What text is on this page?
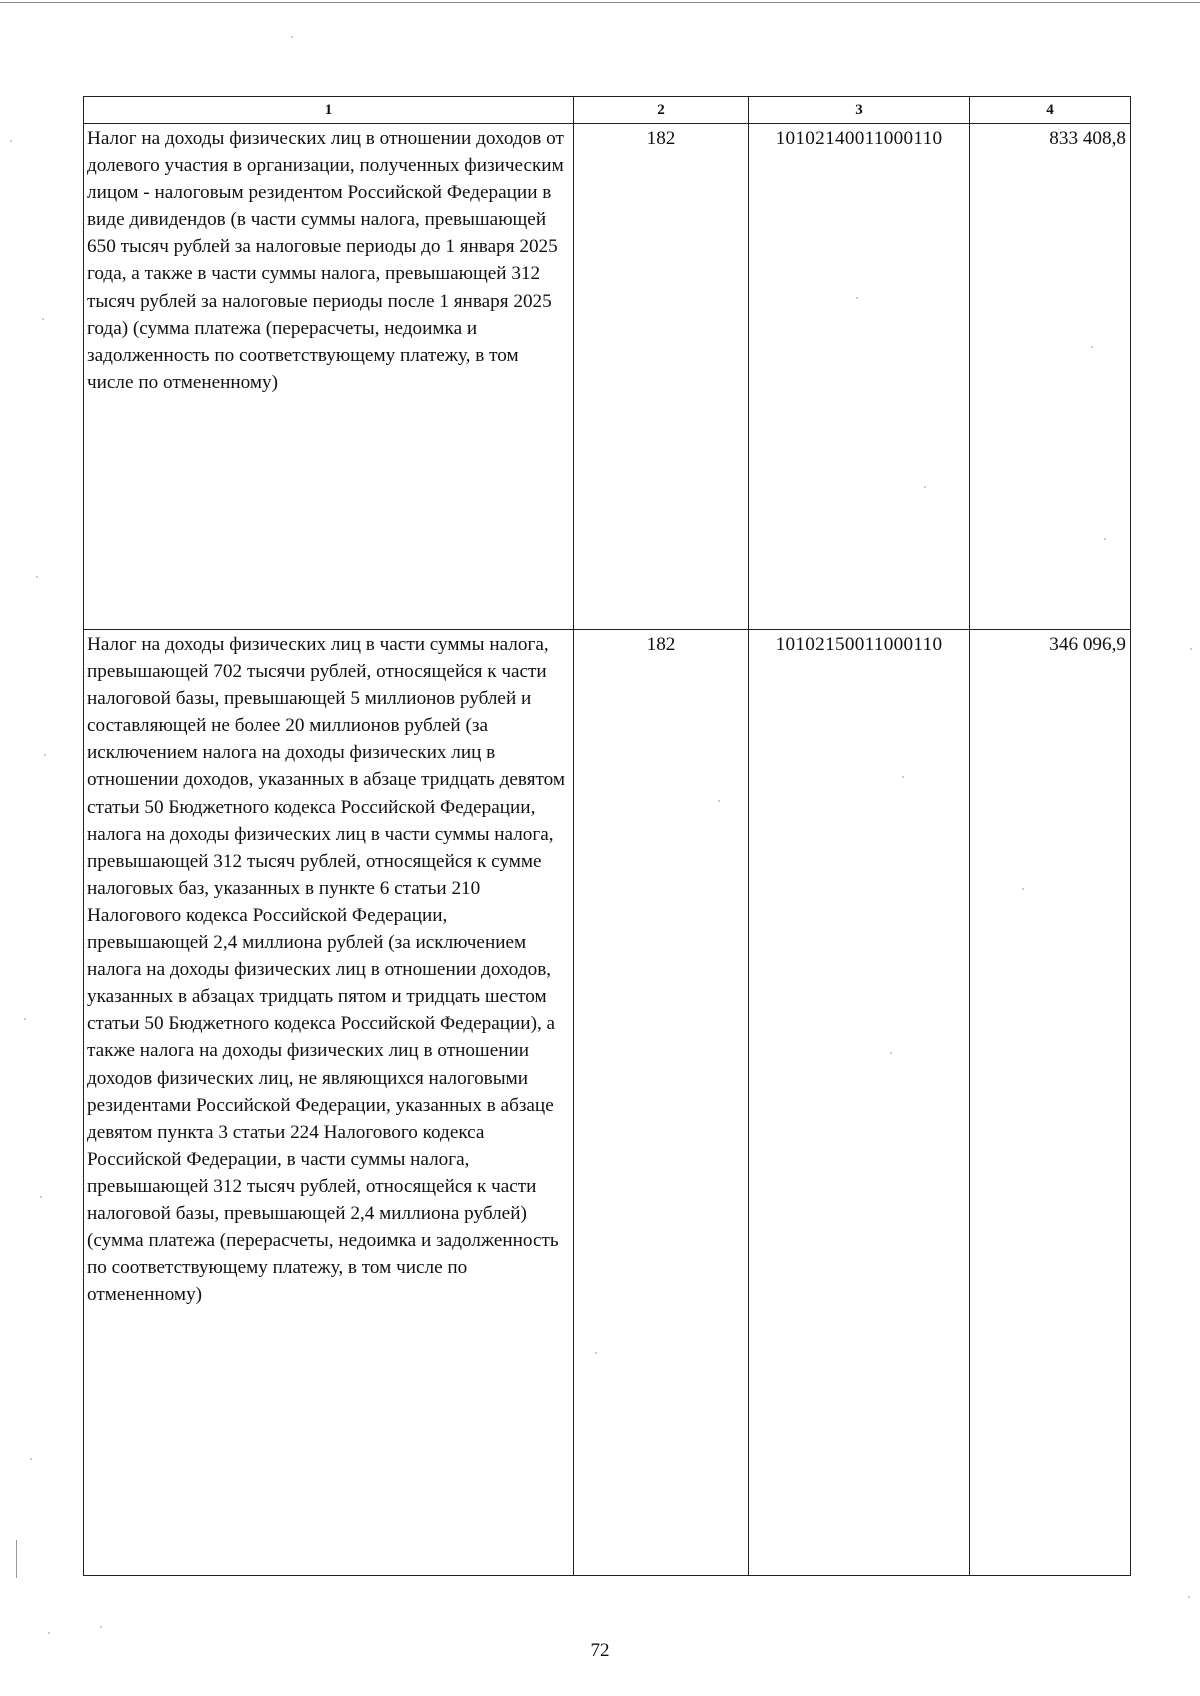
1	2	3	4
Налог на доходы физических лиц в отношении доходов от долевого участия в организации, полученных физическим лицом - налоговым резидентом Российской Федерации в виде дивидендов (в части суммы налога, превышающей 650 тысяч рублей за налоговые периоды до 1 января 2025 года, а также в части суммы налога, превышающей 312 тысяч рублей за налоговые периоды после 1 января 2025 года) (сумма платежа (перерасчеты, недоимка и задолженность по соответствующему платежу, в том числе по отмененному)	182	10102140011000110	833 408,8
Налог на доходы физических лиц в части суммы налога, превышающей 702 тысячи рублей, относящейся к части налоговой базы, превышающей 5 миллионов рублей и составляющей не более 20 миллионов рублей (за исключением налога на доходы физических лиц в отношении доходов, указанных в абзаце тридцать девятом статьи 50 Бюджетного кодекса Российской Федерации, налога на доходы физических лиц в части суммы налога, превышающей 312 тысяч рублей, относящейся к сумме налоговых баз, указанных в пункте 6 статьи 210 Налогового кодекса Российской Федерации, превышающей 2,4 миллиона рублей (за исключением налога на доходы физических лиц в отношении доходов, указанных в абзацах тридцать пятом и тридцать шестом статьи 50 Бюджетного кодекса Российской Федерации), а также налога на доходы физических лиц в отношении доходов физических лиц, не являющихся налоговыми резидентами Российской Федерации, указанных в абзаце девятом пункта 3 статьи 224 Налогового кодекса Российской Федерации, в части суммы налога, превышающей 312 тысяч рублей, относящейся к части налоговой базы, превышающей 2,4 миллиона рублей) (сумма платежа (перерасчеты, недоимка и задолженность по соответствующему платежу, в том числе по отмененному)	182	10102150011000110	346 096,9
72
